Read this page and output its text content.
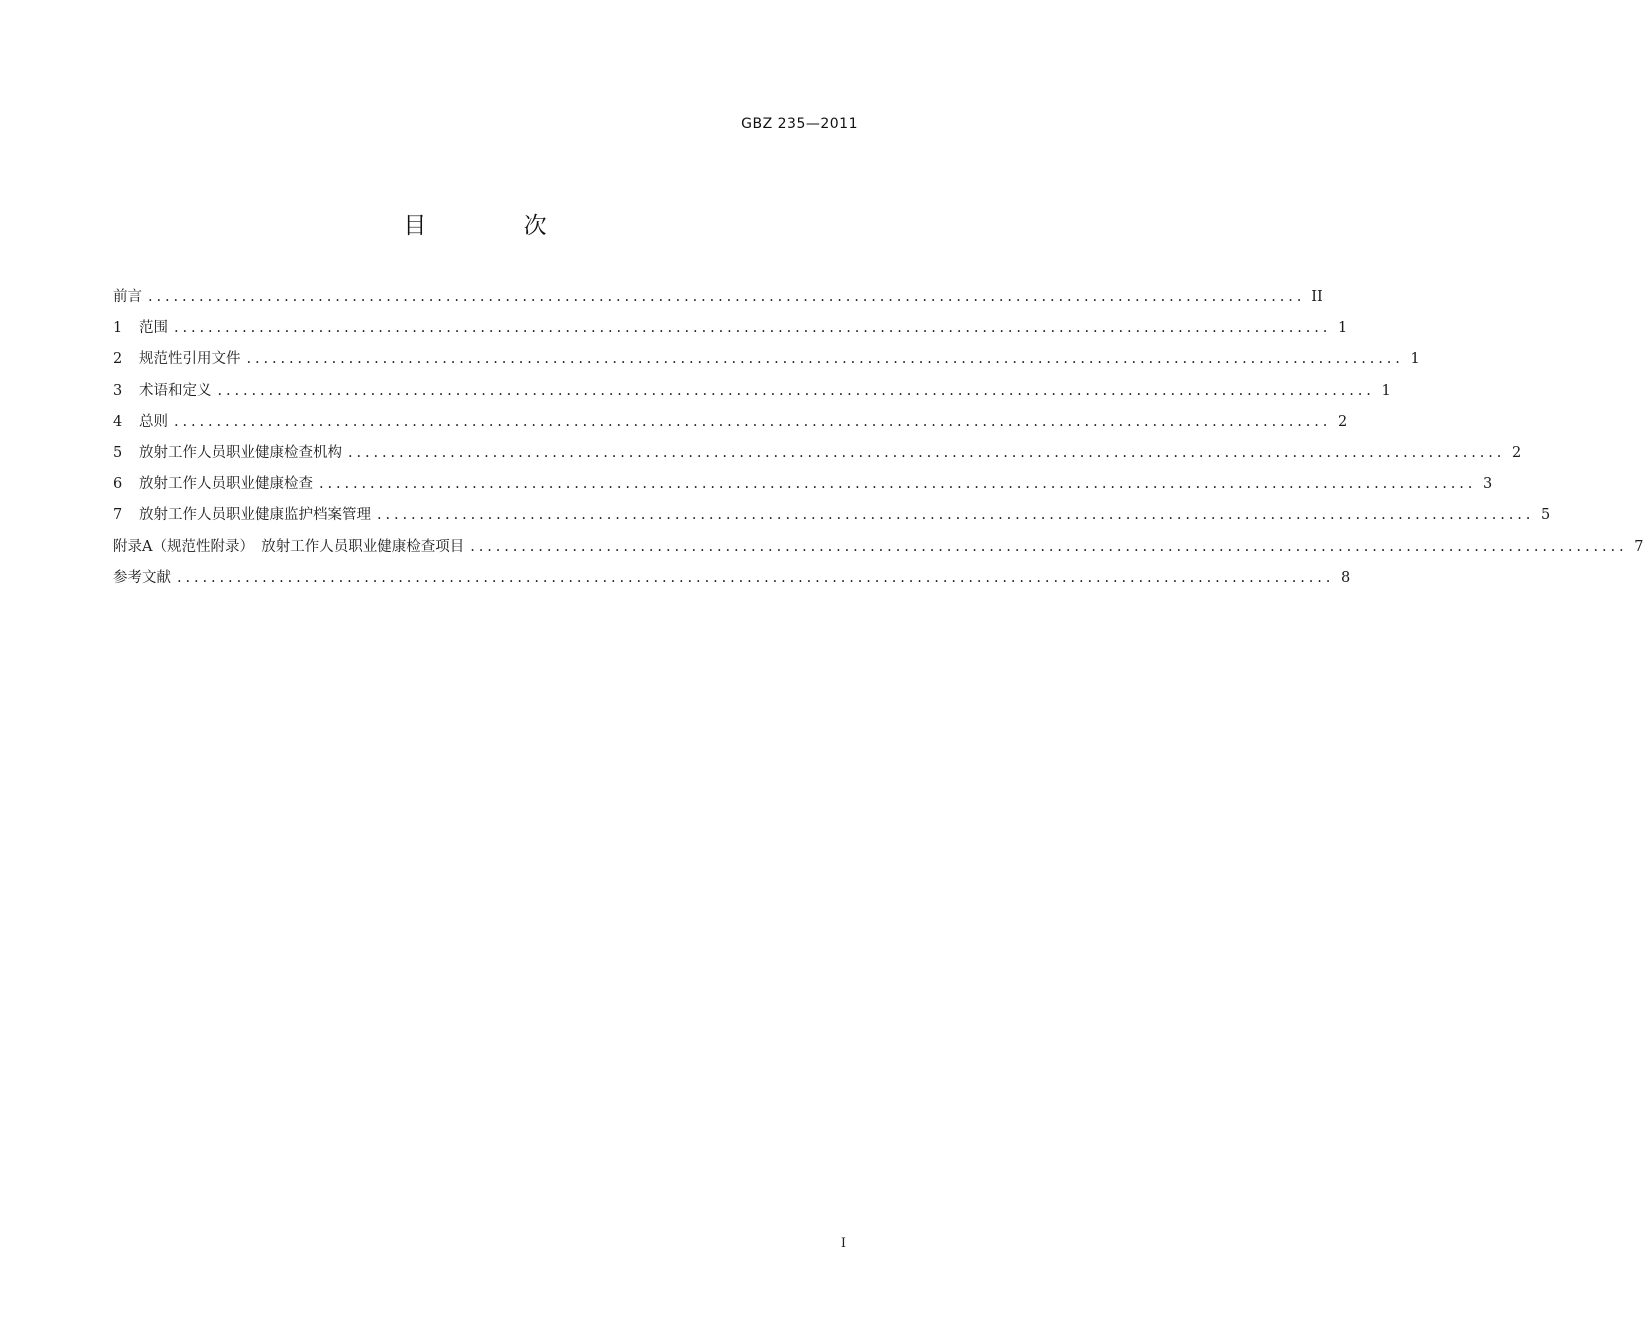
GBZ 235—2011
目 次
前言 ........................................................................................................................................ II
1	范围 ........................................................................................................................................ 1
2	规范性引用文件 ........................................................................................................................................ 1
3	术语和定义 ........................................................................................................................................ 1
4	总则 ........................................................................................................................................ 2
5	放射工作人员职业健康检查机构 ........................................................................................................................................ 2
6	放射工作人员职业健康检查 ........................................................................................................................................ 3
7	放射工作人员职业健康监护档案管理 ........................................................................................................................................ 5
附录A（规范性附录）　放射工作人员职业健康检查项目 ........................................................................................................................................ 7
参考文献 ........................................................................................................................................ 8
I
